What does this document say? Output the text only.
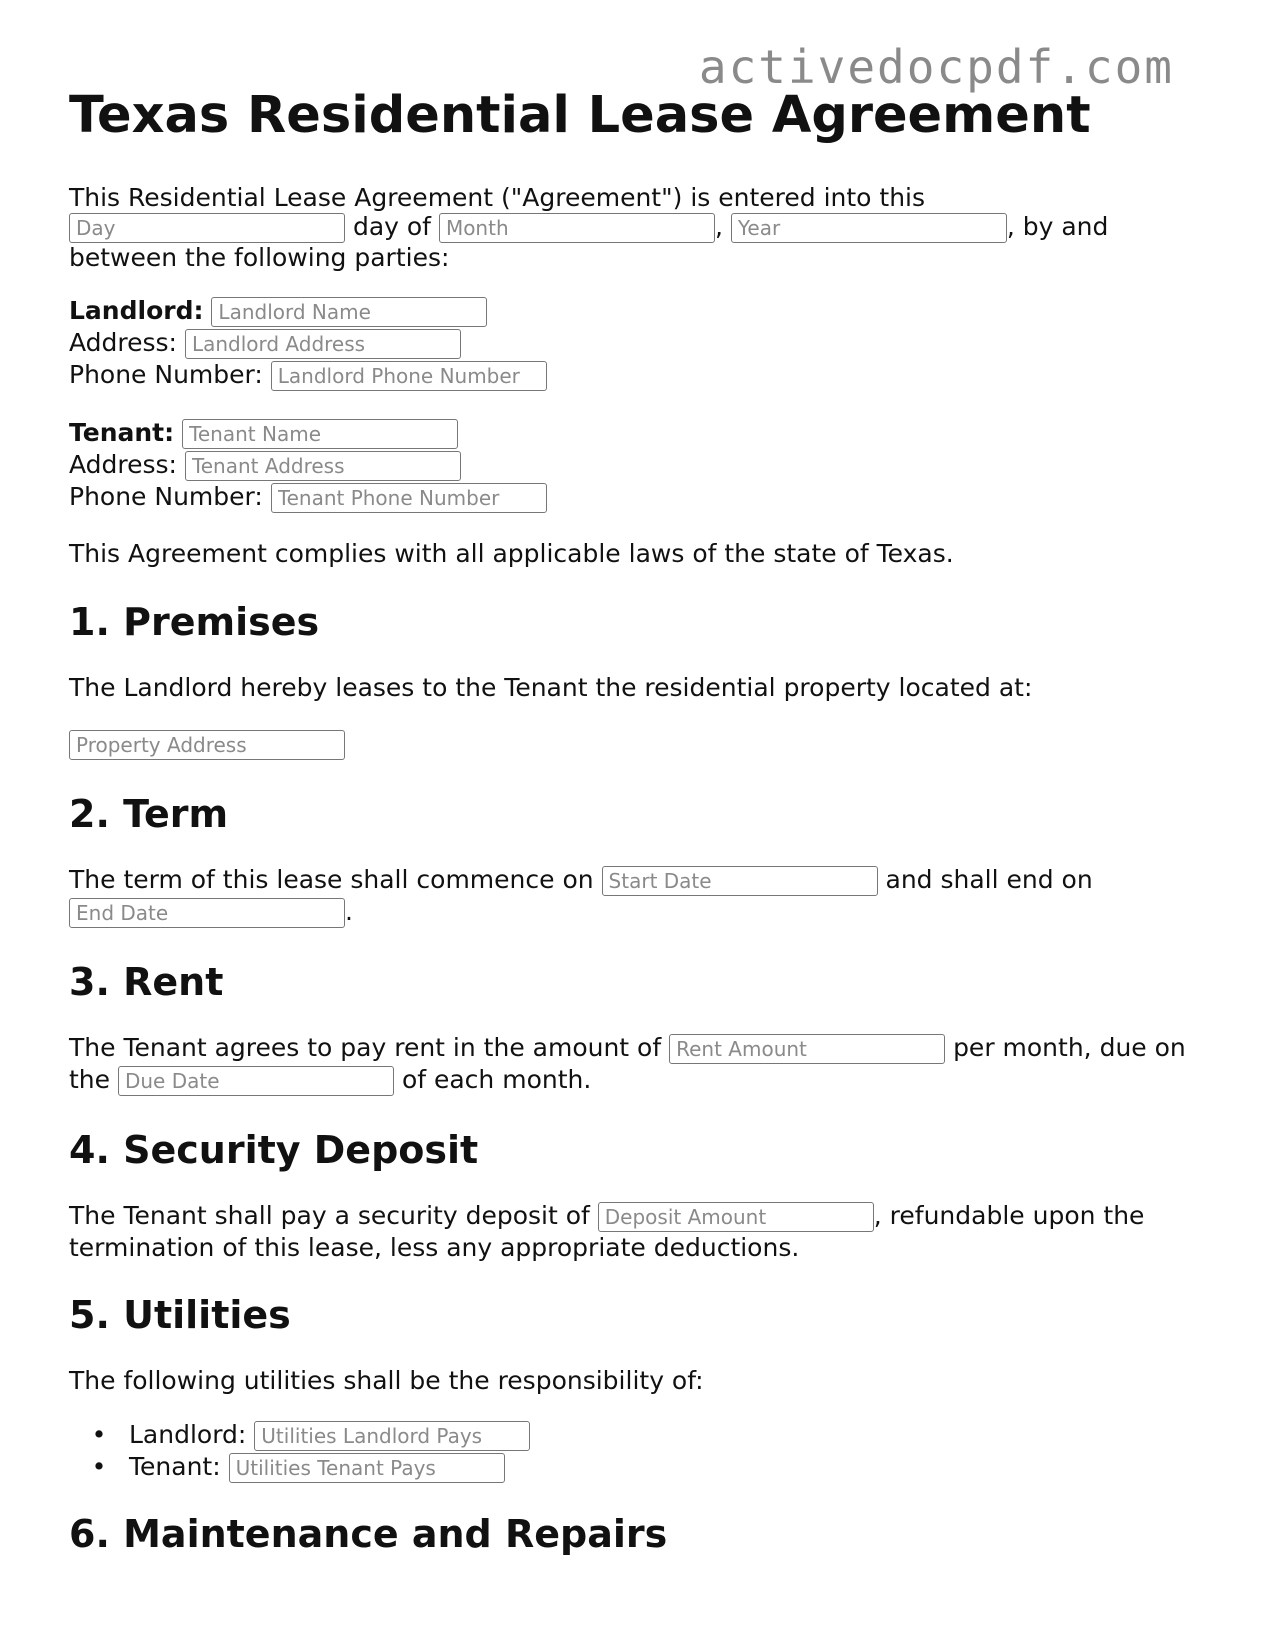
activedocpdf.com
Texas Residential Lease Agreement
This Residential Lease Agreement ("Agreement") is entered into this
Day day of Month	, Year	, by and
between the following parties:
Landlord: Landlord Name
Address: Landlord Address
Phone Number: Landlord Phone Number
Tenant: Tenant Name
Address: Tenant Address
Phone Number: Tenant Phone Number
This Agreement complies with all applicable laws of the state of Texas.
1. Premises
The Landlord hereby leases to the Tenant the residential property located at:
Property Address
2. Term
The term of this lease shall commence on Start Date	and shall end on
End Date.
3. Rent
The Tenant agrees to pay rent in the amount of Rent Amount	per month, due on
the Due Date	of each month.
4. Security Deposit
The Tenant shall pay a security deposit of Deposit Amount	, refundable upon the
termination of this lease, less any appropriate deductions.
5. Utilities
The following utilities shall be the responsibility of:
• Landlord: Utilities Landlord Pays
• Tenant: Utilities Tenant Pays
6. Maintenance and Repairs
